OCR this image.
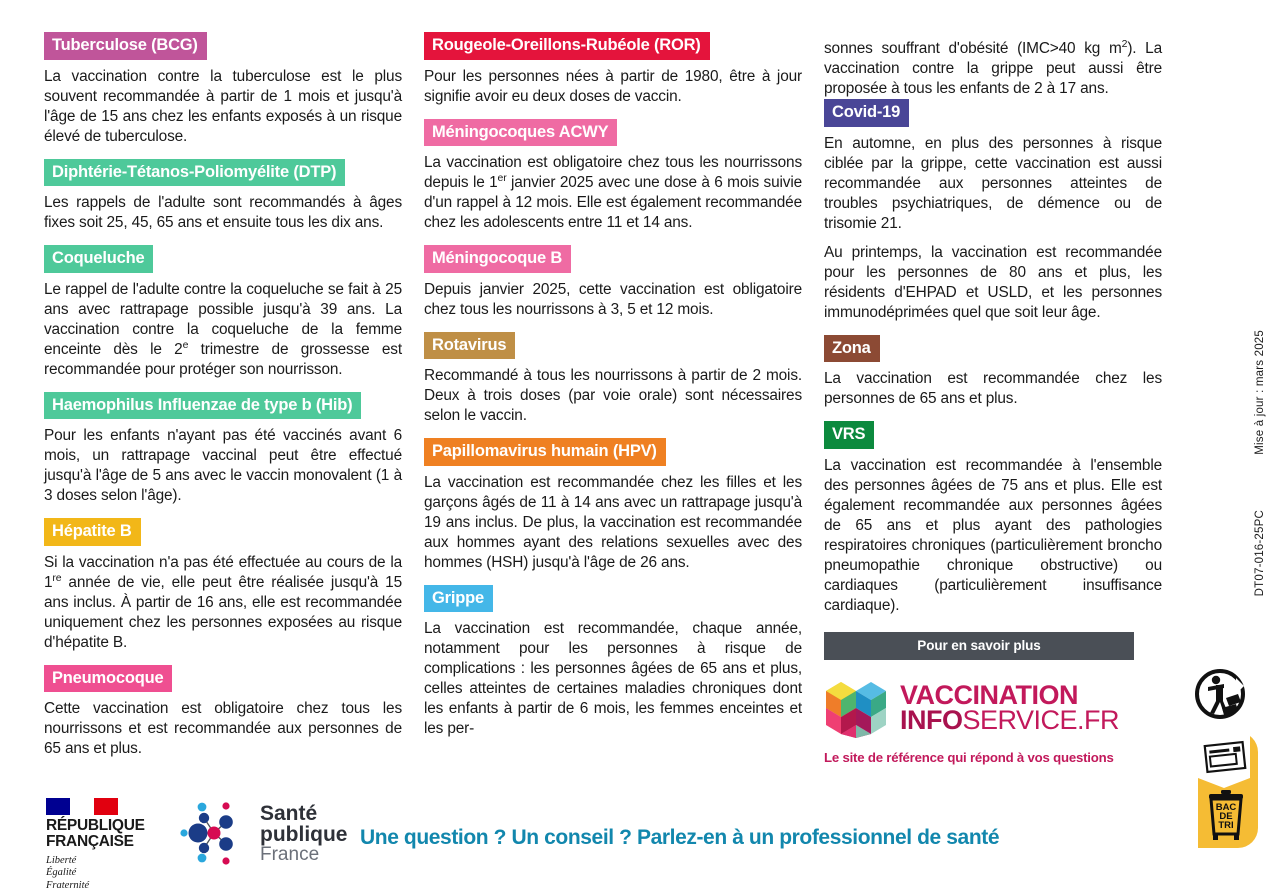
Tuberculose (BCG)
La vaccination contre la tuberculose est le plus souvent recommandée à partir de 1 mois et jusqu'à l'âge de 15 ans chez les enfants exposés à un risque élevé de tuberculose.
Diphtérie-Tétanos-Poliomyélite (DTP)
Les rappels de l'adulte sont recommandés à âges fixes soit 25, 45, 65 ans et ensuite tous les dix ans.
Coqueluche
Le rappel de l'adulte contre la coqueluche se fait à 25 ans avec rattrapage possible jusqu'à 39 ans. La vaccination contre la coqueluche de la femme enceinte dès le 2e trimestre de grossesse est recommandée pour protéger son nourrisson.
Haemophilus Influenzae de type b (Hib)
Pour les enfants n'ayant pas été vaccinés avant 6 mois, un rattrapage vaccinal peut être effectué jusqu'à l'âge de 5 ans avec le vaccin monovalent (1 à 3 doses selon l'âge).
Hépatite B
Si la vaccination n'a pas été effectuée au cours de la 1re année de vie, elle peut être réalisée jusqu'à 15 ans inclus. À partir de 16 ans, elle est recommandée uniquement chez les personnes exposées au risque d'hépatite B.
Pneumocoque
Cette vaccination est obligatoire chez tous les nourrissons et est recommandée aux personnes de 65 ans et plus.
Rougeole-Oreillons-Rubéole (ROR)
Pour les personnes nées à partir de 1980, être à jour signifie avoir eu deux doses de vaccin.
Méningocoques ACWY
La vaccination est obligatoire chez tous les nourrissons depuis le 1er janvier 2025 avec une dose à 6 mois suivie d'un rappel à 12 mois. Elle est également recommandée chez les adolescents entre 11 et 14 ans.
Méningocoque B
Depuis janvier 2025, cette vaccination est obligatoire chez tous les nourrissons à 3, 5 et 12 mois.
Rotavirus
Recommandé à tous les nourrissons à partir de 2 mois. Deux à trois doses (par voie orale) sont nécessaires selon le vaccin.
Papillomavirus humain (HPV)
La vaccination est recommandée chez les filles et les garçons âgés de 11 à 14 ans avec un rattrapage jusqu'à 19 ans inclus. De plus, la vaccination est recommandée aux hommes ayant des relations sexuelles avec des hommes (HSH) jusqu'à l'âge de 26 ans.
Grippe
La vaccination est recommandée, chaque année, notamment pour les personnes à risque de complications : les personnes âgées de 65 ans et plus, celles atteintes de certaines maladies chroniques dont les enfants à partir de 6 mois, les femmes enceintes et les per-
sonnes souffrant d'obésité (IMC>40 kg $m^2$). La vaccination contre la grippe peut aussi être proposée à tous les enfants de 2 à 17 ans.
Covid-19
En automne, en plus des personnes à risque ciblée par la grippe, cette vaccination est aussi recommandée aux personnes atteintes de troubles psychiatriques, de démence ou de trisomie 21.
Au printemps, la vaccination est recommandée pour les personnes de 80 ans et plus, les résidents d'EHPAD et USLD, et les personnes immunodéprimées quel que soit leur âge.
Zona
La vaccination est recommandée chez les personnes de 65 ans et plus.
VRS
La vaccination est recommandée à l'ensemble des personnes âgées de 75 ans et plus. Elle est également recommandée aux personnes âgées de 65 ans et plus ayant des pathologies respiratoires chroniques (particulièrement broncho pneumopathie chronique obstructive) ou cardiaques (particulièrement insuffisance cardiaque).
Pour en savoir plus
VACCINATION
INFOSERVICE.FR
Le site de référence qui répond à vos questions
Mise à jour : mars 2025
DT07-016-25PC
BAC
DE
TRI
RÉPUBLIQUE
FRANÇAISE
Liberté
Égalité
Fraternité
Santé
publique
France
Une question ? Un conseil ? Parlez-en à un professionnel de santé
